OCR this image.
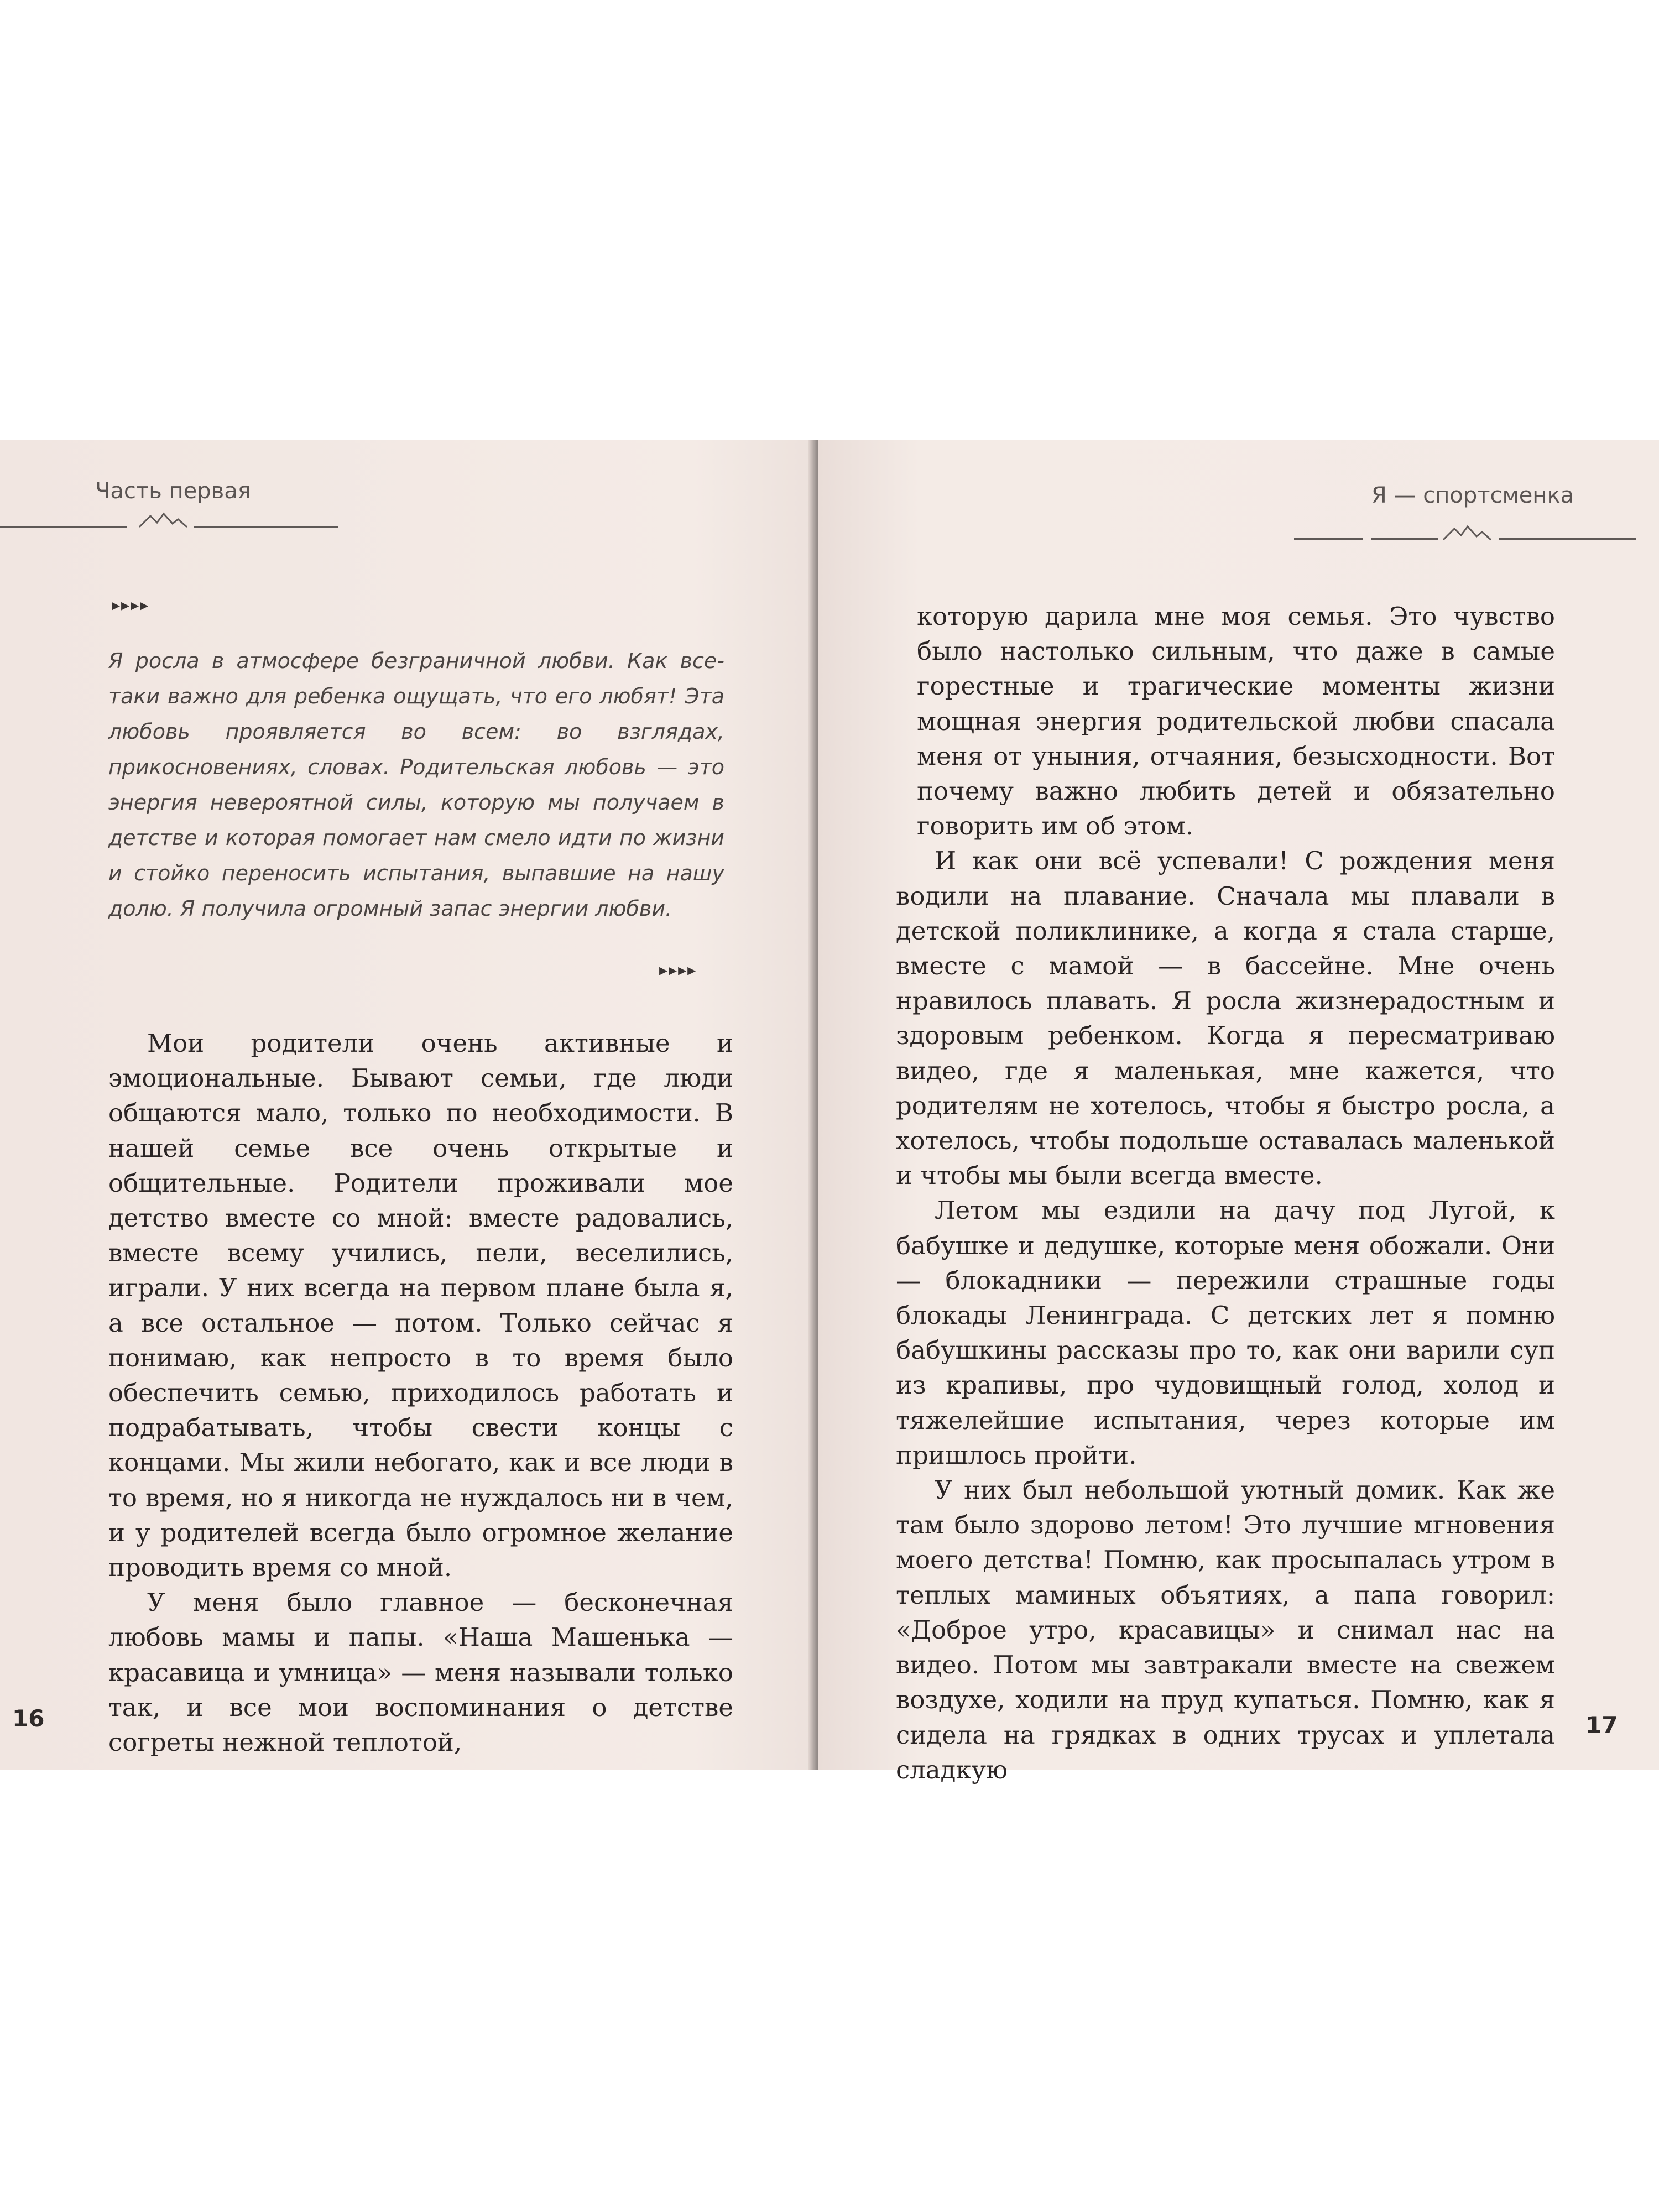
Часть первая
▸▸▸▸

Я росла в атмосфере безграничной любви. Как все-таки важно для ребенка ощущать, что его любят! Эта любовь проявляется во всем: во взглядах, прикосновениях, словах. Родительская любовь — это энергия невероятной силы, которую мы получаем в детстве и которая помогает нам смело идти по жизни и стойко переносить испытания, выпавшие на нашу долю. Я получила огромный запас энергии любви.

▸▸▸▸

Мои родители очень активные и эмоциональные. Бывают семьи, где люди общаются мало, только по необходимости. В нашей семье все очень открытые и общительные. Родители проживали мое детство вместе со мной: вместе радовались, вместе всему учились, пели, веселились, играли. У них всегда на первом плане была я, а все остальное — потом. Только сейчас я понимаю, как непросто в то время было обеспечить семью, приходилось работать и подрабатывать, чтобы свести концы с концами. Мы жили небогато, как и все люди в то время, но я никогда не нуждалось ни в чем, и у родителей всегда было огромное желание проводить время со мной.

У меня было главное — бесконечная любовь мамы и папы. «Наша Машенька — красавица и умница» — меня называли только так, и все мои воспоминания о детстве согреты нежной теплотой,

16
Я — спортсменка

которую дарила мне моя семья. Это чувство было настолько сильным, что даже в самые горестные и трагические моменты жизни мощная энергия родительской любви спасала меня от уныния, отчаяния, безысходности. Вот почему важно любить детей и обязательно говорить им об этом.

И как они всё успевали! С рождения меня водили на плавание. Сначала мы плавали в детской поликлинике, а когда я стала старше, вместе с мамой — в бассейне. Мне очень нравилось плавать. Я росла жизнерадостным и здоровым ребенком. Когда я пересматриваю видео, где я маленькая, мне кажется, что родителям не хотелось, чтобы я быстро росла, а хотелось, чтобы подольше оставалась маленькой и чтобы мы были всегда вместе.

Летом мы ездили на дачу под Лугой, к бабушке и дедушке, которые меня обожали. Они — блокадники — пережили страшные годы блокады Ленинграда. С детских лет я помню бабушкины рассказы про то, как они варили суп из крапивы, про чудовищный голод, холод и тяжелейшие испытания, через которые им пришлось пройти.

У них был небольшой уютный домик. Как же там было здорово летом! Это лучшие мгновения моего детства! Помню, как просыпалась утром в теплых маминых объятиях, а папа говорил: «Доброе утро, красавицы» и снимал нас на видео. Потом мы завтракали вместе на свежем воздухе, ходили на пруд купаться. Помню, как я сидела на грядках в одних трусах и уплетала сладкую

17
